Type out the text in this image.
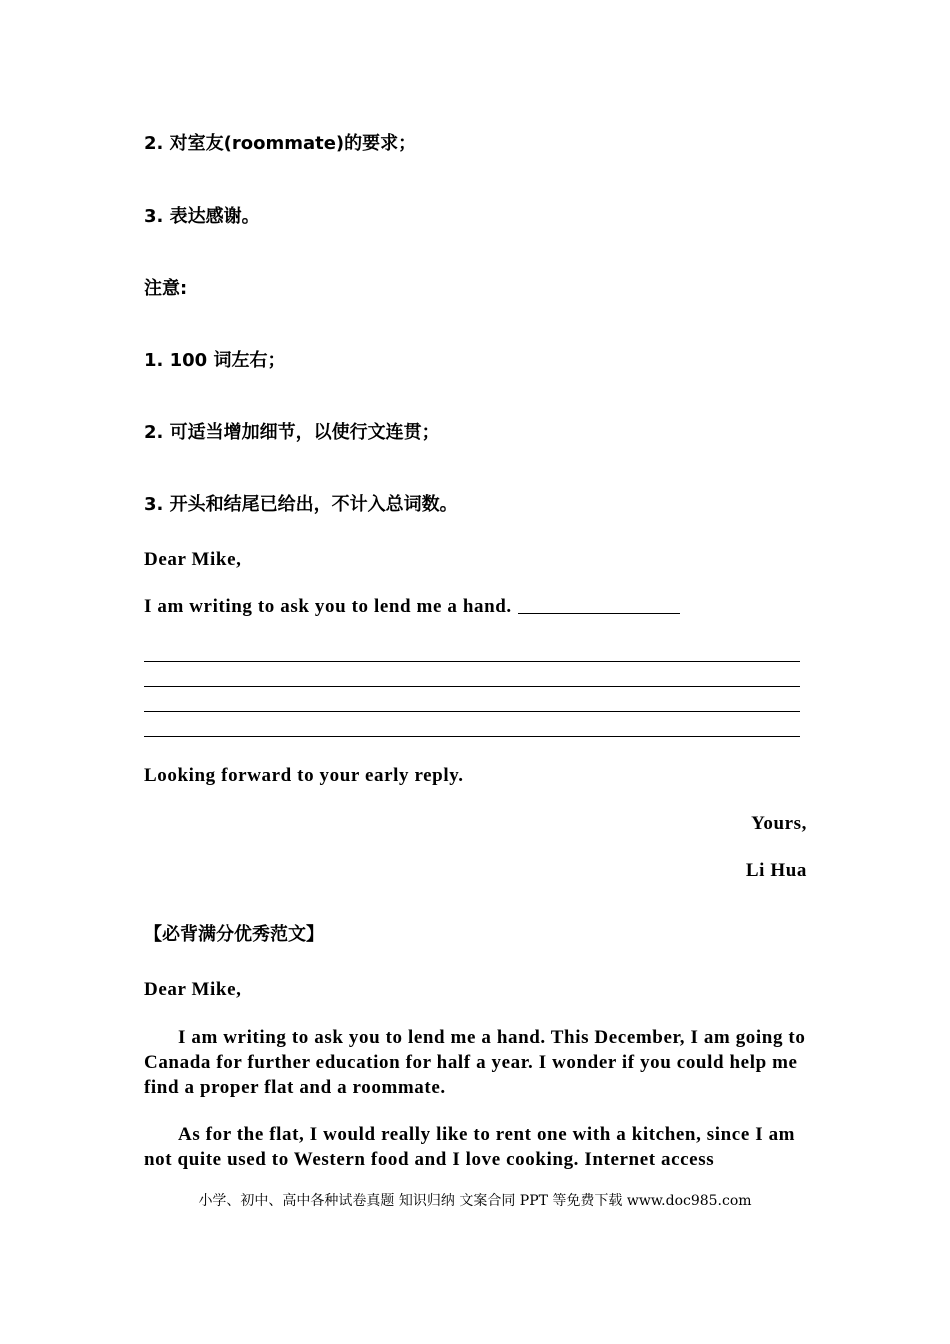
2. 对室友(roommate)的要求；
3. 表达感谢。
注意:
1. 100 词左右；
2. 可适当增加细节，以使行文连贯；
3. 开头和结尾已给出，不计入总词数。
Dear Mike,
I am writing to ask you to lend me a hand.
Looking forward to your early reply.
Yours,
Li Hua
【必背满分优秀范文】
Dear Mike,
I am writing to ask you to lend me a hand. This December, I am going to Canada for further education for half a year. I wonder if you could help me find a proper flat and a roommate.
As for the flat, I would really like to rent one with a kitchen, since I am not quite used to Western food and I love cooking. Internet access
小学、初中、高中各种试卷真题 知识归纳 文案合同 PPT 等免费下载 www.doc985.com
